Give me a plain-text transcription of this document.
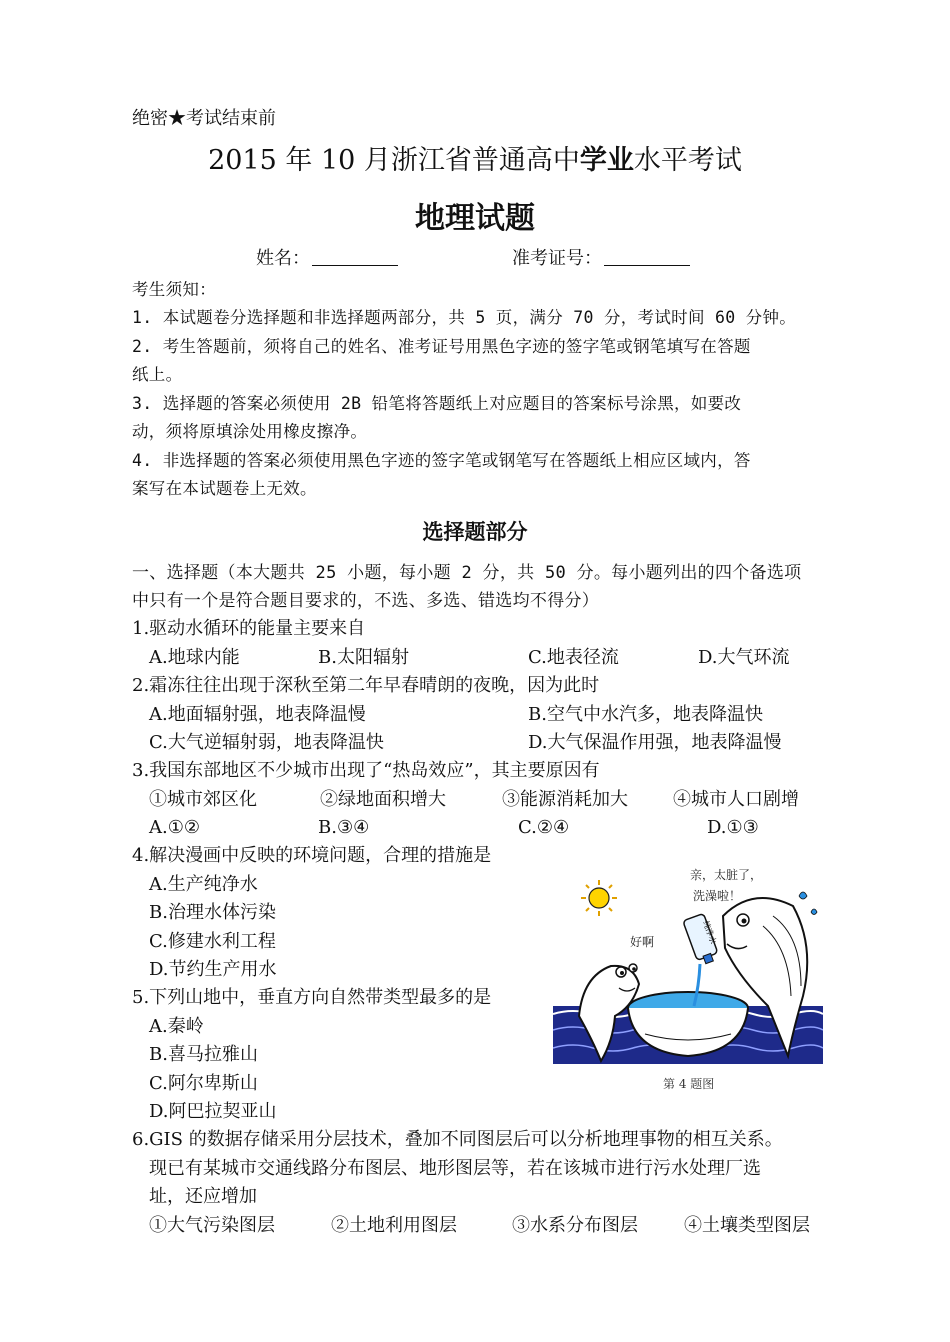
绝密★考试结束前
2015 年 10 月浙江省普通高中学业水平考试
地理试题
姓名：	准考证号：
考生须知：
1. 本试题卷分选择题和非选择题两部分，共 5 页，满分 70 分，考试时间 60 分钟。
2. 考生答题前，须将自己的姓名、准考证号用黑色字迹的签字笔或钢笔填写在答题
纸上。
3. 选择题的答案必须使用 2B 铅笔将答题纸上对应题目的答案标号涂黑，如要改
动，须将原填涂处用橡皮擦净。
4. 非选择题的答案必须使用黑色字迹的签字笔或钢笔写在答题纸上相应区域内，答
案写在本试题卷上无效。
选择题部分
一、选择题（本大题共 25 小题，每小题 2 分，共 50 分。每小题列出的四个备选项
中只有一个是符合题目要求的，不选、多选、错选均不得分）
1.驱动水循环的能量主要来自
A.地球内能	B.太阳辐射	C.地表径流	D.大气环流
2.霜冻往往出现于深秋至第二年早春晴朗的夜晚，因为此时
A.地面辐射强，地表降温慢	B.空气中水汽多，地表降温快
C.大气逆辐射弱，地表降温快	D.大气保温作用强，地表降温慢
3.我国东部地区不少城市出现了“热岛效应”，其主要原因有
①城市郊区化	②绿地面积增大	③能源消耗加大	④城市人口剧增
A.①②	B.③④	C.②④	D.①③
4.解决漫画中反映的环境问题，合理的措施是
A.生产纯净水
B.治理水体污染
C.修建水利工程
D.节约生产用水
5.下列山地中，垂直方向自然带类型最多的是
A.秦岭
B.喜马拉雅山
C.阿尔卑斯山
D.阿巴拉契亚山
6.GIS 的数据存储采用分层技术，叠加不同图层后可以分析地理事物的相互关系。
现已有某城市交通线路分布图层、地形图层等，若在该城市进行污水处理厂选
址，还应增加
①大气污染图层	②土地利用图层	③水系分布图层	④土壤类型图层
纯净水
亲，太脏了，
洗澡啦！
好啊
第 4 题图
